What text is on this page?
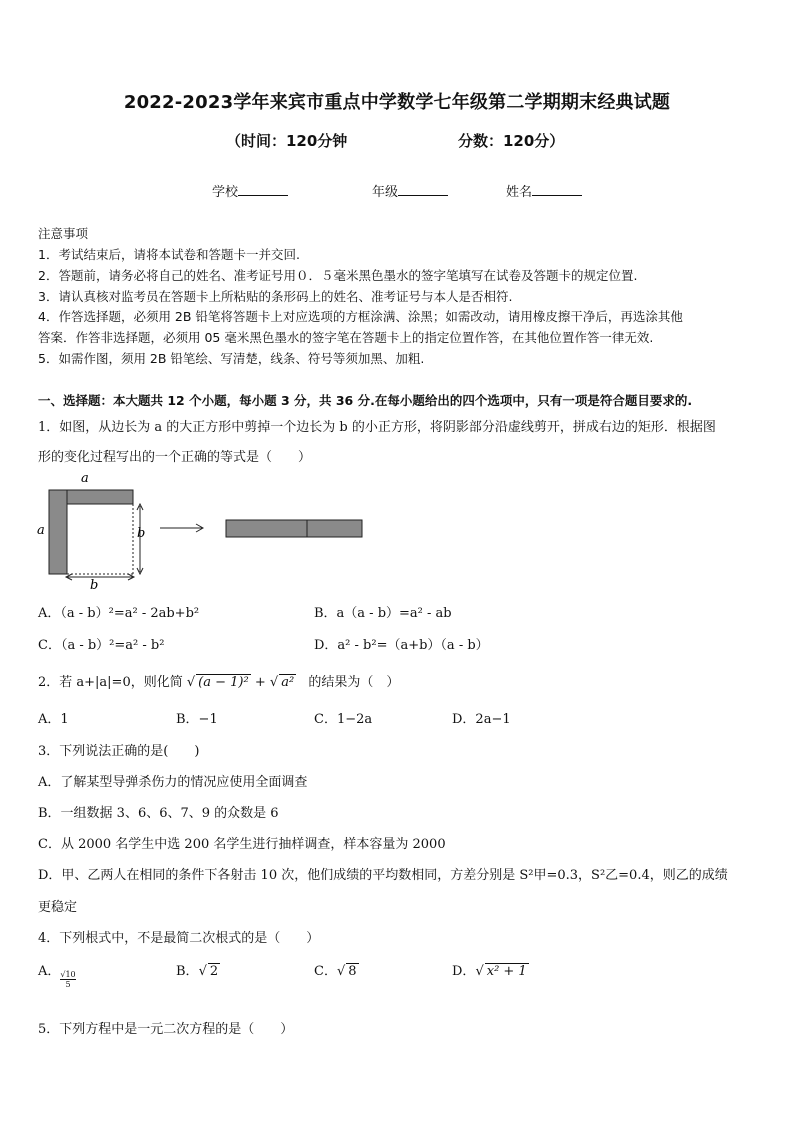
2022-2023学年来宾市重点中学数学七年级第二学期期末经典试题
（时间：120分钟	分数：120分）
学校	年级	姓名
注意事项
1．考试结束后，请将本试卷和答题卡一并交回.
2．答题前，请务必将自己的姓名、准考证号用０．５毫米黑色墨水的签字笔填写在试卷及答题卡的规定位置.
3．请认真核对监考员在答题卡上所粘贴的条形码上的姓名、准考证号与本人是否相符.
4．作答选择题，必须用 2B 铅笔将答题卡上对应选项的方框涂满、涂黑；如需改动，请用橡皮擦干净后，再选涂其他
答案．作答非选择题，必须用 05 毫米黑色墨水的签字笔在答题卡上的指定位置作答，在其他位置作答一律无效.
5．如需作图，须用 2B 铅笔绘、写清楚，线条、符号等须加黑、加粗.
一、选择题：本大题共 12 个小题，每小题 3 分，共 36 分.在每小题给出的四个选项中，只有一项是符合题目要求的.
1．如图，从边长为 a 的大正方形中剪掉一个边长为 b 的小正方形，将阴影部分沿虚线剪开，拼成右边的矩形．根据图
形的变化过程写出的一个正确的等式是（　　）
a
a	b
b
A．（a - b）²=a² - 2ab+b²	B．a（a - b）=a² - ab
C．（a - b）²=a² - b²	D．a² - b²=（a+b）（a - b）
2．若 a+|a|=0，则化简 √ (a − 1)² + √ a² 的结果为（　）
A．1	B．−1	C．1−2a	D．2a−1
3．下列说法正确的是(　　)
A．了解某型导弹杀伤力的情况应使用全面调查
B．一组数据 3、6、6、7、9 的众数是 6
C．从 2000 名学生中选 200 名学生进行抽样调查，样本容量为 2000
D．甲、乙两人在相同的条件下各射击 10 次，他们成绩的平均数相同，方差分别是 S²甲=0.3，S²乙=0.4，则乙的成绩
更稳定
4．下列根式中，不是最简二次根式的是（　　）
A． $\frac{√10}{5}$	B．√ 2	C．√ 8	D．√ x² + 1
5．下列方程中是一元二次方程的是（　　）
